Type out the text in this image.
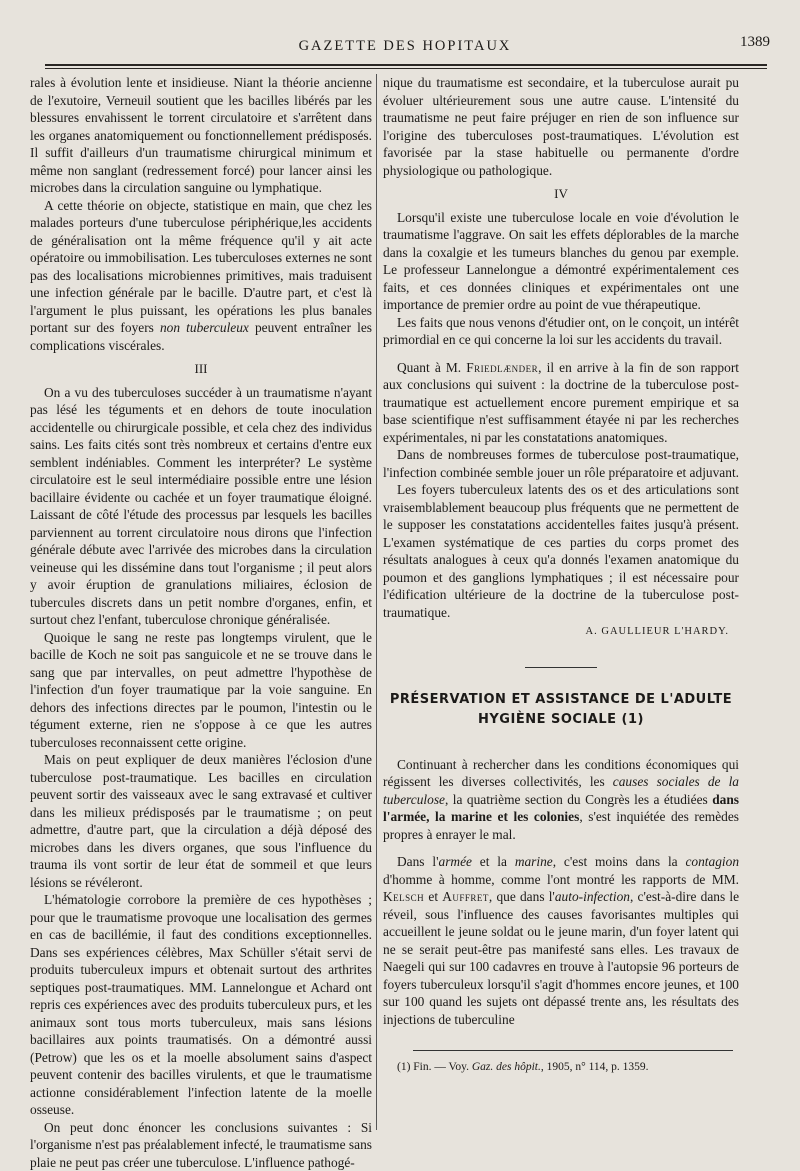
GAZETTE DES HOPITAUX	1389

rales à évolution lente et insidieuse. Niant la théorie ancienne de l'exutoire, Verneuil soutient que les bacilles libérés par les blessures envahissent le torrent circulatoire et s'arrêtent dans les organes anatomiquement ou fonctionnellement prédisposés. Il suffit d'ailleurs d'un traumatisme chirurgical minimum et même non sanglant (redressement forcé) pour lancer ainsi les microbes dans la circulation sanguine ou lymphatique.

A cette théorie on objecte, statistique en main, que chez les malades porteurs d'une tuberculose périphérique,les accidents de généralisation ont la même fréquence qu'il y ait acte opératoire ou immobilisation. Les tuberculoses externes ne sont pas des localisations microbiennes primitives, mais traduisent une infection générale par le bacille. D'autre part, et c'est là l'argument le plus puissant, les opérations les plus banales portant sur des foyers non tuberculeux peuvent entraîner les complications viscérales.

III

On a vu des tuberculoses succéder à un traumatisme n'ayant pas lésé les téguments et en dehors de toute inoculation accidentelle ou chirurgicale possible, et cela chez des individus sains. Les faits cités sont très nombreux et certains d'entre eux semblent indéniables. Comment les interpréter? Le système circulatoire est le seul intermédiaire possible entre une lésion bacillaire évidente ou cachée et un foyer traumatique éloigné. Laissant de côté l'étude des processus par lesquels les bacilles parviennent au torrent circulatoire nous dirons que l'infection générale débute avec l'arrivée des microbes dans la circulation veineuse qui les dissémine dans tout l'organisme ; il peut alors y avoir éruption de granulations miliaires, éclosion de tubercules discrets dans un petit nombre d'organes, enfin, et surtout chez l'enfant, tuberculose chronique généralisée.

Quoique le sang ne reste pas longtemps virulent, que le bacille de Koch ne soit pas sanguicole et ne se trouve dans le sang que par intervalles, on peut admettre l'hypothèse de l'infection d'un foyer traumatique par la voie sanguine. En dehors des infections directes par le poumon, l'intestin ou le tégument externe, rien ne s'oppose à ce que les autres tuberculoses reconnaissent cette origine.

Mais on peut expliquer de deux manières l'éclosion d'une tuberculose post-traumatique. Les bacilles en circulation peuvent sortir des vaisseaux avec le sang extravasé et cultiver dans les milieux prédisposés par le traumatisme ; on peut admettre, d'autre part, que la circulation a déjà déposé des microbes dans les divers organes, que sous l'influence du trauma ils vont sortir de leur état de sommeil et que leurs lésions se révéleront.

L'hématologie corrobore la première de ces hypothèses ; pour que le traumatisme provoque une localisation des germes en cas de bacillémie, il faut des conditions exceptionnelles. Dans ses expériences célèbres, Max Schüller s'était servi de produits tuberculeux impurs et obtenait surtout des arthrites septiques post-traumatiques. MM. Lannelongue et Achard ont repris ces expériences avec des produits tuberculeux purs, et les animaux sont tous morts tuberculeux, mais sans lésions bacillaires aux points traumatisés. On a démontré aussi (Petrow) que les os et la moelle absolument sains d'aspect peuvent contenir des bacilles virulents, et que le traumatisme actionne considérablement l'infection latente de la moelle osseuse.

On peut donc énoncer les conclusions suivantes : Si l'organisme n'est pas préalablement infecté, le traumatisme sans plaie ne peut pas créer une tuberculose. L'influence pathogé-

nique du traumatisme est secondaire, et la tuberculose aurait pu évoluer ultérieurement sous une autre cause. L'intensité du traumatisme ne peut faire préjuger en rien de son influence sur l'origine des tuberculoses post-traumatiques. L'évolution est favorisée par la stase habituelle ou permanente d'ordre physiologique ou pathologique.

IV

Lorsqu'il existe une tuberculose locale en voie d'évolution le traumatisme l'aggrave. On sait les effets déplorables de la marche dans la coxalgie et les tumeurs blanches du genou par exemple. Le professeur Lannelongue a démontré expérimentalement ces faits, et ces données cliniques et expérimentales ont une importance de premier ordre au point de vue thérapeutique.

Les faits que nous venons d'étudier ont, on le conçoit, un intérêt primordial en ce qui concerne la loi sur les accidents du travail.

Quant à M. Friedlænder, il en arrive à la fin de son rapport aux conclusions qui suivent : la doctrine de la tuberculose post-traumatique est actuellement encore purement empirique et sa base scientifique n'est suffisamment étayée ni par les recherches expérimentales, ni par les constatations anatomiques.

Dans de nombreuses formes de tuberculose post-traumatique, l'infection combinée semble jouer un rôle préparatoire et adjuvant.

Les foyers tuberculeux latents des os et des articulations sont vraisemblablement beaucoup plus fréquents que ne permettent de le supposer les constatations accidentelles faites jusqu'à présent. L'examen systématique de ces parties du corps promet des résultats analogues à ceux qu'a donnés l'examen anatomique du poumon et des ganglions lymphatiques ; il est nécessaire pour l'édification ultérieure de la doctrine de la tuberculose post-traumatique.

A. GAULLIEUR L'HARDY.
PRÉSERVATION ET ASSISTANCE DE L'ADULTE
HYGIÈNE SOCIALE (1)

Continuant à rechercher dans les conditions économiques qui régissent les diverses collectivités, les causes sociales de la tuberculose, la quatrième section du Congrès les a étudiées dans l'armée, la marine et les colonies, s'est inquiétée des remèdes propres à enrayer le mal.

Dans l'armée et la marine, c'est moins dans la contagion d'homme à homme, comme l'ont montré les rapports de MM. Kelsch et Auffret, que dans l'auto-infection, c'est-à-dire dans le réveil, sous l'influence des causes favorisantes multiples qui accueillent le jeune soldat ou le jeune marin, d'un foyer latent qui ne se serait peut-être pas manifesté sans elles. Les travaux de Naegeli qui sur 100 cadavres en trouve à l'autopsie 96 porteurs de foyers tuberculeux lorsqu'il s'agit d'hommes encore jeunes, et 100 sur 100 quand les sujets ont dépassé trente ans, les résultats des injections de tuberculine

(1) Fin. — Voy. Gaz. des hôpit., 1905, n° 114, p. 1359.
